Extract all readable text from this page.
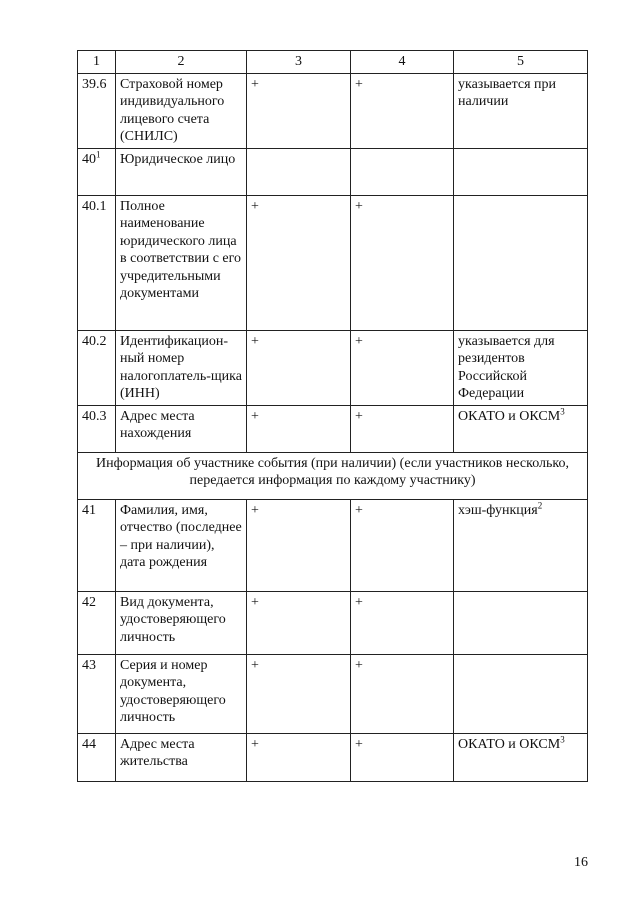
1	2	3	4	5
39.6	Страховой номер индивидуального лицевого счета (СНИЛС)	+	+	указывается при наличии
$40^1$	Юридическое лицо			
40.1	Полное наименование юридического лица в соответствии с его учредительными документами	+	+	
40.2	Идентификацион-ный номер налогоплатель-щика (ИНН)	+	+	указывается для резидентов Российской Федерации
40.3	Адрес места нахождения	+	+	ОКАТО и ОКСМ$^3$
Информация об участнике события (при наличии) (если участников несколько, передается информация по каждому участнику)				
41	Фамилия, имя, отчество (последнее – при наличии), дата рождения	+	+	хэш-функция$^2$
42	Вид документа, удостоверяющего личность	+	+	
43	Серия и номер документа, удостоверяющего личность	+	+	
44	Адрес места жительства	+	+	ОКАТО и ОКСМ$^3$
16
